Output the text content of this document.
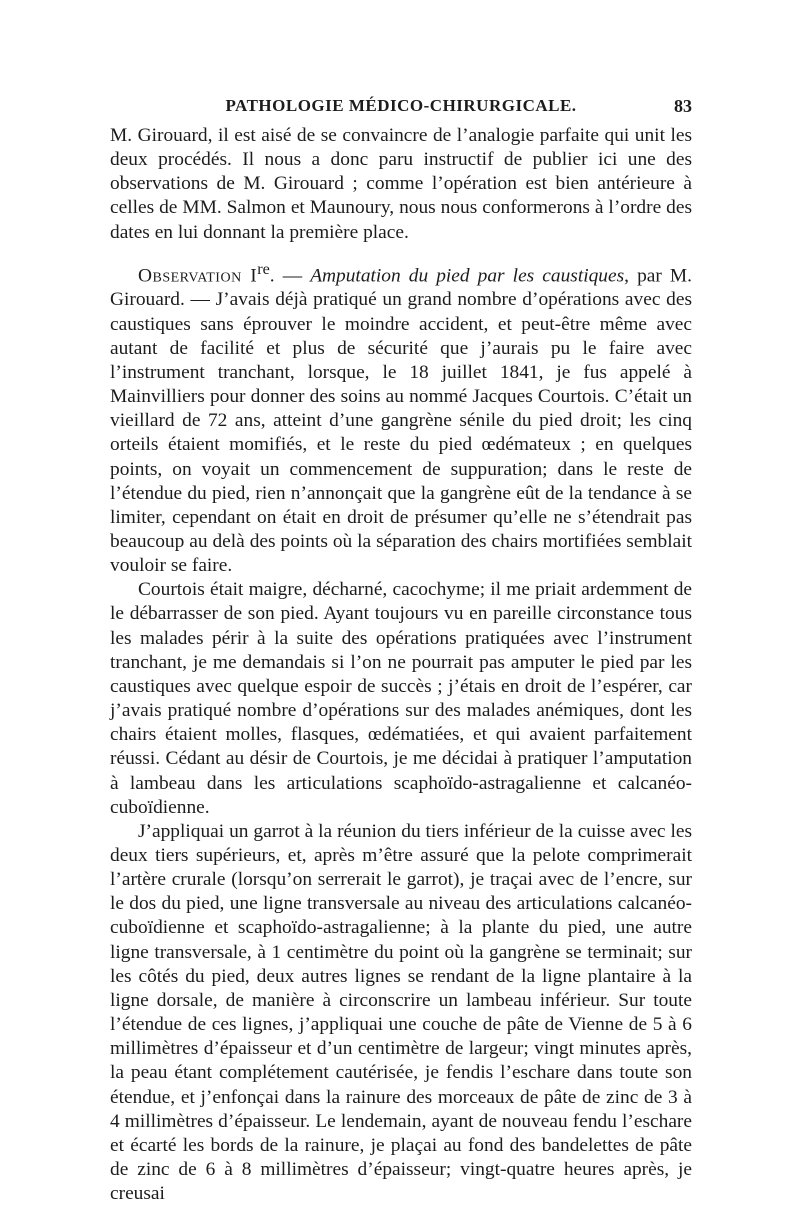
PATHOLOGIE MÉDICO-CHIRURGICALE.	83

M. Girouard, il est aisé de se convaincre de l’analogie parfaite qui unit les deux procédés. Il nous a donc paru instructif de publier ici une des observations de M. Girouard ; comme l’opération est bien antérieure à celles de MM. Salmon et Maunoury, nous nous conformerons à l’ordre des dates en lui donnant la première place.

Observation Ire. — Amputation du pied par les caustiques, par M. Girouard. — J’avais déjà pratiqué un grand nombre d’opérations avec des caustiques sans éprouver le moindre accident, et peut-être même avec autant de facilité et plus de sécurité que j’aurais pu le faire avec l’instrument tranchant, lorsque, le 18 juillet 1841, je fus appelé à Mainvilliers pour donner des soins au nommé Jacques Courtois. C’était un vieillard de 72 ans, atteint d’une gangrène sénile du pied droit; les cinq orteils étaient momifiés, et le reste du pied œdémateux ; en quelques points, on voyait un commencement de suppuration; dans le reste de l’étendue du pied, rien n’annonçait que la gangrène eût de la tendance à se limiter, cependant on était en droit de présumer qu’elle ne s’étendrait pas beaucoup au delà des points où la séparation des chairs mortifiées semblait vouloir se faire.

Courtois était maigre, décharné, cacochyme; il me priait ardemment de le débarrasser de son pied. Ayant toujours vu en pareille circonstance tous les malades périr à la suite des opérations pratiquées avec l’instrument tranchant, je me demandais si l’on ne pourrait pas amputer le pied par les caustiques avec quelque espoir de succès ; j’étais en droit de l’espérer, car j’avais pratiqué nombre d’opérations sur des malades anémiques, dont les chairs étaient molles, flasques, œdématiées, et qui avaient parfaitement réussi. Cédant au désir de Courtois, je me décidai à pratiquer l’amputation à lambeau dans les articulations scaphoïdo-astragalienne et calcanéo-cuboïdienne.

J’appliquai un garrot à la réunion du tiers inférieur de la cuisse avec les deux tiers supérieurs, et, après m’être assuré que la pelote comprimerait l’artère crurale (lorsqu’on serrerait le garrot), je traçai avec de l’encre, sur le dos du pied, une ligne transversale au niveau des articulations calcanéo-cuboïdienne et scaphoïdo-astragalienne; à la plante du pied, une autre ligne transversale, à 1 centimètre du point où la gangrène se terminait; sur les côtés du pied, deux autres lignes se rendant de la ligne plantaire à la ligne dorsale, de manière à circonscrire un lambeau inférieur. Sur toute l’étendue de ces lignes, j’appliquai une couche de pâte de Vienne de 5 à 6 millimètres d’épaisseur et d’un centimètre de largeur; vingt minutes après, la peau étant complétement cautérisée, je fendis l’eschare dans toute son étendue, et j’enfonçai dans la rainure des morceaux de pâte de zinc de 3 à 4 millimètres d’épaisseur. Le lendemain, ayant de nouveau fendu l’eschare et écarté les bords de la rainure, je plaçai au fond des bandelettes de pâte de zinc de 6 à 8 millimètres d’épaisseur; vingt-quatre heures après, je creusai
